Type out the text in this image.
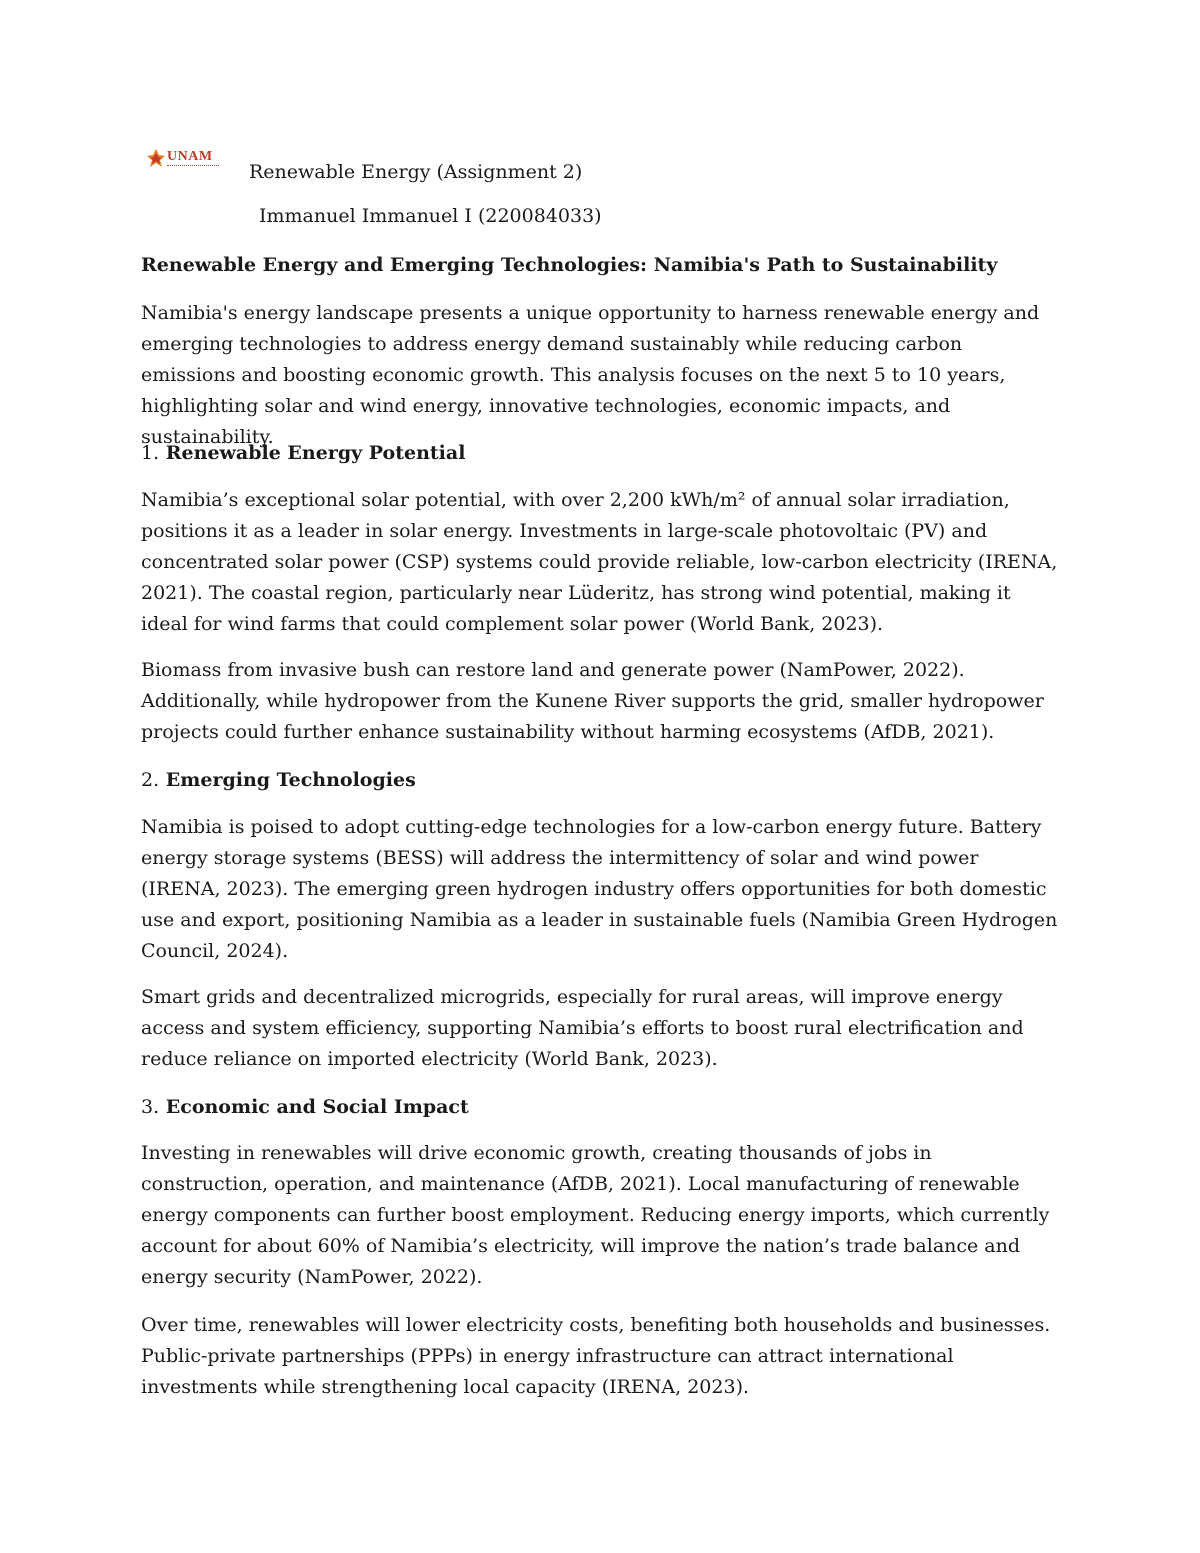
UNAM
Renewable Energy (Assignment 2)
Immanuel Immanuel I (220084033)
Renewable Energy and Emerging Technologies: Namibia's Path to Sustainability

Namibia's energy landscape presents a unique opportunity to harness renewable energy and emerging technologies to address energy demand sustainably while reducing carbon emissions and boosting economic growth. This analysis focuses on the next 5 to 10 years, highlighting solar and wind energy, innovative technologies, economic impacts, and sustainability.

1. Renewable Energy Potential

Namibia’s exceptional solar potential, with over 2,200 kWh/m² of annual solar irradiation, positions it as a leader in solar energy. Investments in large-scale photovoltaic (PV) and concentrated solar power (CSP) systems could provide reliable, low-carbon electricity (IRENA, 2021). The coastal region, particularly near Lüderitz, has strong wind potential, making it ideal for wind farms that could complement solar power (World Bank, 2023).

Biomass from invasive bush can restore land and generate power (NamPower, 2022). Additionally, while hydropower from the Kunene River supports the grid, smaller hydropower projects could further enhance sustainability without harming ecosystems (AfDB, 2021).

2. Emerging Technologies

Namibia is poised to adopt cutting-edge technologies for a low-carbon energy future. Battery energy storage systems (BESS) will address the intermittency of solar and wind power (IRENA, 2023). The emerging green hydrogen industry offers opportunities for both domestic use and export, positioning Namibia as a leader in sustainable fuels (Namibia Green Hydrogen Council, 2024).

Smart grids and decentralized microgrids, especially for rural areas, will improve energy access and system efficiency, supporting Namibia’s efforts to boost rural electrification and reduce reliance on imported electricity (World Bank, 2023).

3. Economic and Social Impact

Investing in renewables will drive economic growth, creating thousands of jobs in construction, operation, and maintenance (AfDB, 2021). Local manufacturing of renewable energy components can further boost employment. Reducing energy imports, which currently account for about 60% of Namibia’s electricity, will improve the nation’s trade balance and energy security (NamPower, 2022).

Over time, renewables will lower electricity costs, benefiting both households and businesses. Public-private partnerships (PPPs) in energy infrastructure can attract international investments while strengthening local capacity (IRENA, 2023).
